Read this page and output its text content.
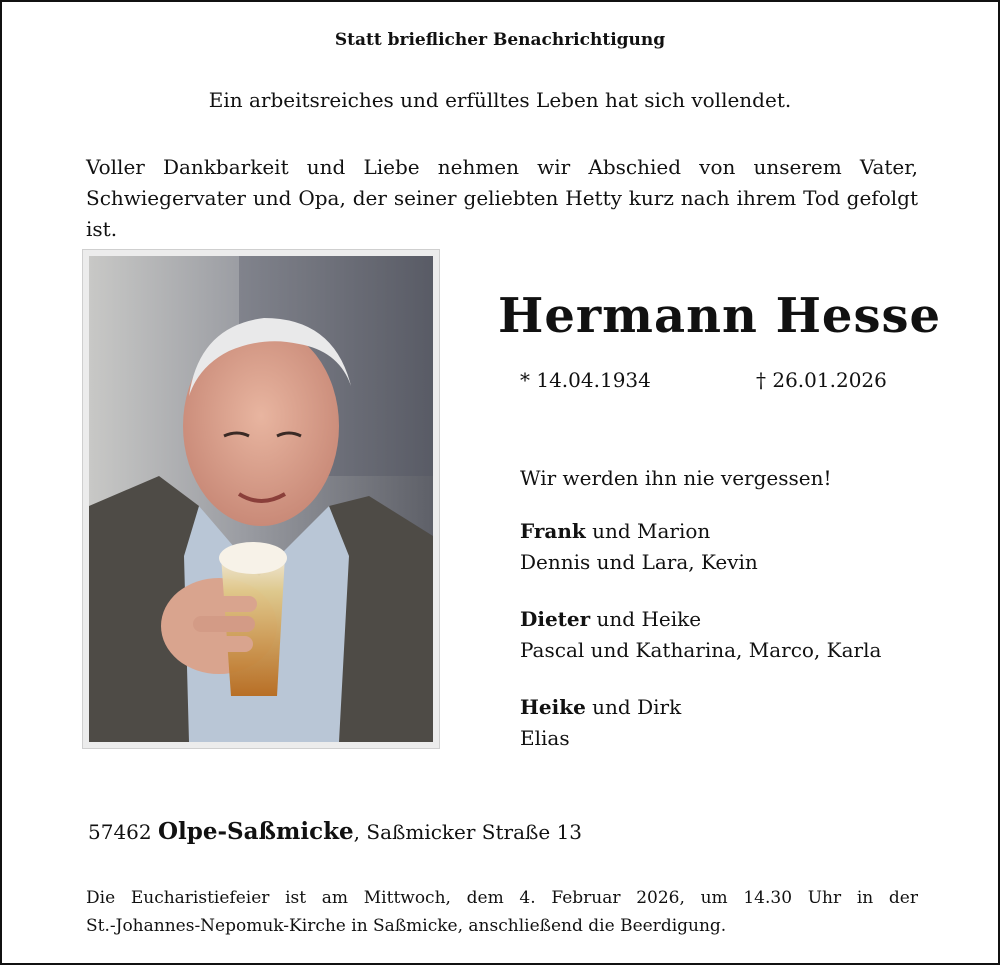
Statt brieflicher Benachrichtigung
Ein arbeitsreiches und erfülltes Leben hat sich vollendet.
Voller Dankbarkeit und Liebe nehmen wir Abschied von unserem Vater,
Schwiegervater und Opa, der seiner geliebten Hetty kurz nach ihrem Tod gefolgt ist.
Hermann Hesse
* 14.04.1934	† 26.01.2026
Wir werden ihn nie vergessen!
Frank und Marion
Dennis und Lara, Kevin
Dieter und Heike
Pascal und Katharina, Marco, Karla
Heike und Dirk
Elias
57462 Olpe-Saßmicke, Saßmicker Straße 13
Die Eucharistiefeier ist am Mittwoch, dem 4. Februar 2026, um 14.30 Uhr in der
St.-Johannes-Nepomuk-Kirche in Saßmicke, anschließend die Beerdigung.
